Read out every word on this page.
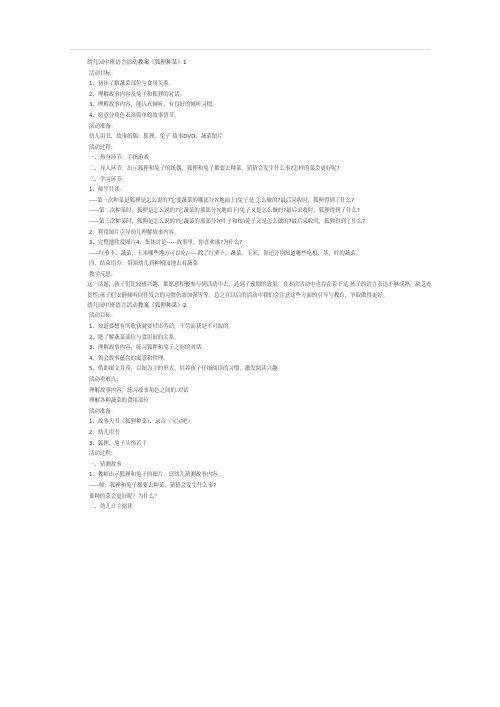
幼儿园中班语言活动教案《狐狸种菜》1
活动目标：
1、初步了解蔬菜部位与食用关系。
2、理解故事内容及兔子和狐狸的对话。
3、理解故事内容，能认真倾听，有良好的倾听习惯。
4、愿意分角色表演简单的故事情节。
活动准备：
幼儿用书、故事纸偶：狐狸、兔子 故事DVD、蔬菜图片
活动过程：
一、热身环节：手指游戏
二、导入环节：出示狐狸和兔子的纸偶，狐狸和兔子都要去种菜，猜猜会发生什么事?怎样的菜会更好呢?
三、学习环节：
1、师生共读：
----第一次种菜是狐狸是怎么说的?它要蔬菜的哪部分?(地面上)兔子是 怎么做的?最后采收时，狐狸得到了什么?
-----第二次种菜时，狐狸是怎么说的?它蔬菜的那部分?(地面下)兔子又是怎么做的?最后采收时，狐狸得到了什么?
-----第三次种菜时，狐狸是怎么说的?它蔬菜的那部分?(叶子和根)兔子又是怎么做的?最后采收时，狐狸得到了什么?
2、利用图片引导幼儿理解故事内容。
3、完整地欣赏图片4、集体讨论-----故事里，你喜欢谁?为什么?
-----红萝卜、蔬菜、玉米哪些地方可以吃/-----除了红萝卜、蔬菜、玉米，你还分别知道哪些吃根、茎、叶的蔬菜。
四、结束语分：带领幼儿到种植园地去看蔬菜
教学反思：
这一话题，孩子们比较感兴趣，都愿意积极参与到活动中去，达到了预期的效果。在本次活动中也存在着不足:孩子的语言表达不够成熟，缺乏连贯性;孩子们安静倾听同伴发言的习惯仍需加强等等。总之在以后的活动中我们会注意这些方面的引导与教育，争取做得更好。
幼儿园中班语言活动教案《狐狸种菜》2
活动目标：
1、知道要想有所收获就要付出劳动，不劳而获是不可取的。
2、能了解蔬菜部位与食用间的关系。
3、理解故事内容，练习狐狸和兔子之间的对话。
4、领会故事蕴含的寓意和哲理。
5、借助图文并茂，以图为主的形式，培养孩子仔细阅读的习惯，激发阅读兴趣。
活动重难点：
理解故事内容，练习故事角色之间的.对话
理解各种蔬菜的食用部位
活动准备：
1、故事大书《狐狸种菜》、录音（宝宝吧）
2、幼儿用书
3、狐狸、兔子头饰若干
活动过程：
一、猜测故事
1、教师出示狐狸和兔子的图片，请幼儿猜测故事内容。
-----师：狐狸和兔子都要去种菜，猜猜会发生什么事?
谁种的菜会更好呢？为什么？
二、幼儿自主阅读
